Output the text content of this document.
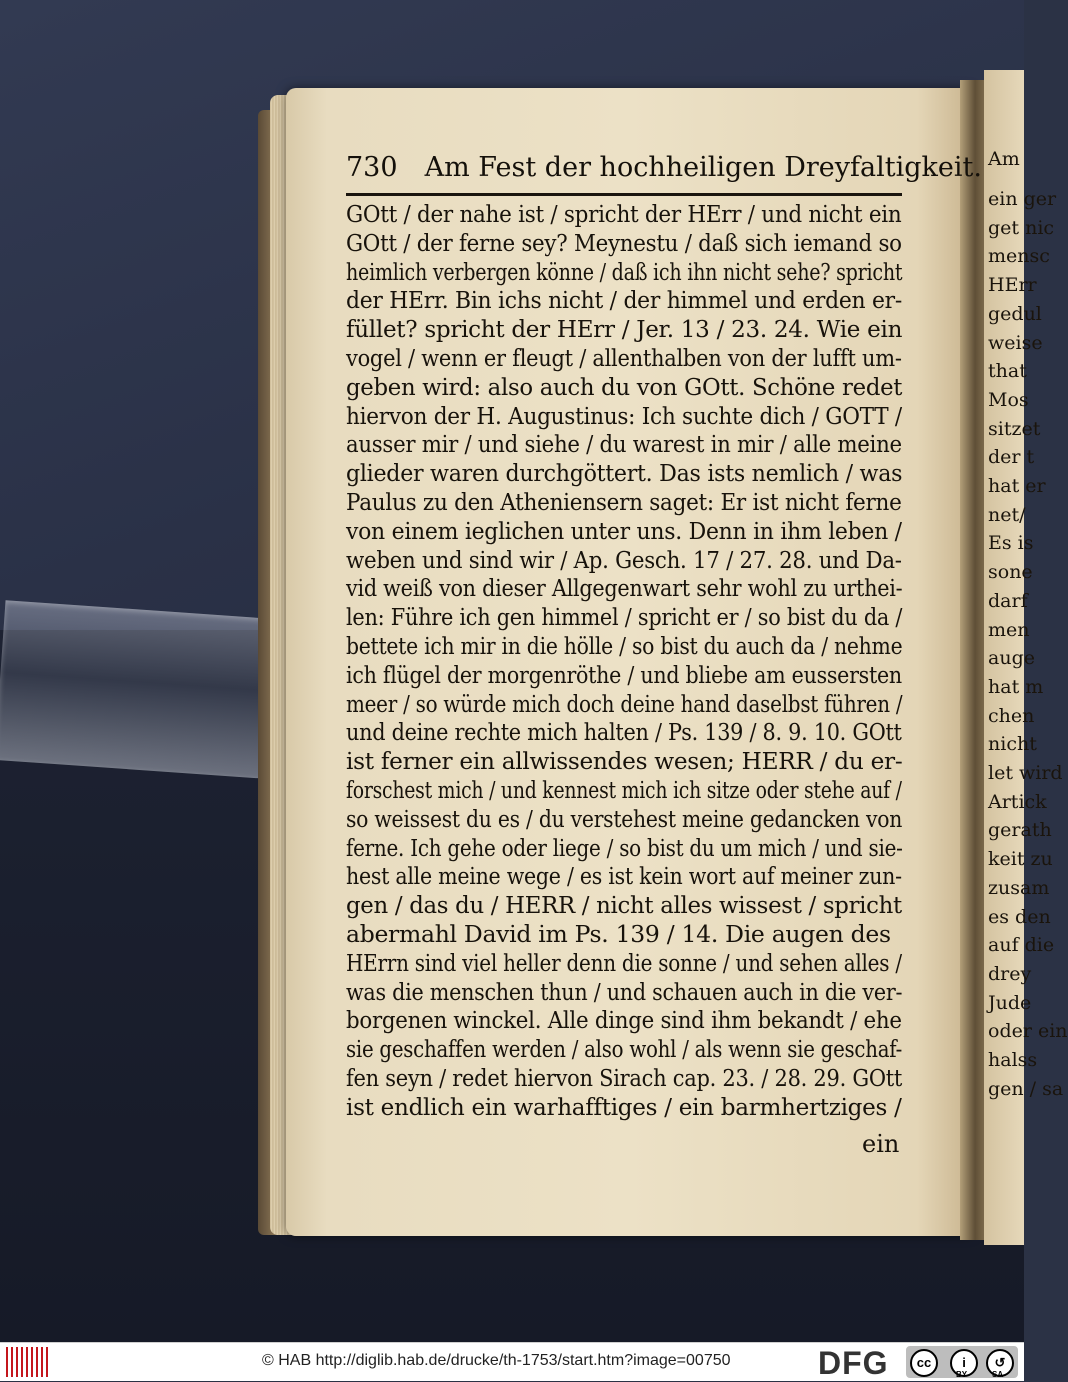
Am
ein ger
get nic
mensc
HErr
gedul
weise
that
Mos
sitzet
der t
hat er
net/
Es is
sone
darf
men
auge
hat m
chen
nicht
let wird
Artick
gerath
keit zu
zusam
es den
auf die
drey
Jude
oder ein
halss
gen / sa
730 Am Fest der hochheiligen Dreyfaltigkeit.
GOtt / der nahe ist / spricht der HErr / und nicht ein
GOtt / der ferne sey? Meynestu / daß sich iemand so
heimlich verbergen könne / daß ich ihn nicht sehe? spricht
der HErr. Bin ichs nicht / der himmel und erden er-
füllet? spricht der HErr / Jer. 13 / 23. 24. Wie ein
vogel / wenn er fleugt / allenthalben von der lufft um-
geben wird: also auch du von GOtt. Schöne redet
hiervon der H. Augustinus: Ich suchte dich / GOTT /
ausser mir / und siehe / du warest in mir / alle meine
glieder waren durchgöttert. Das ists nemlich / was
Paulus zu den Atheniensern saget: Er ist nicht ferne
von einem ieglichen unter uns. Denn in ihm leben /
weben und sind wir / Ap. Gesch. 17 / 27. 28. und Da-
vid weiß von dieser Allgegenwart sehr wohl zu urthei-
len: Führe ich gen himmel / spricht er / so bist du da /
bettete ich mir in die hölle / so bist du auch da / nehme
ich flügel der morgenröthe / und bliebe am eussersten
meer / so würde mich doch deine hand daselbst führen /
und deine rechte mich halten / Ps. 139 / 8. 9. 10. GOtt
ist ferner ein allwissendes wesen; HERR / du er-
forschest mich / und kennest mich ich sitze oder stehe auf /
so weissest du es / du verstehest meine gedancken von
ferne. Ich gehe oder liege / so bist du um mich / und sie-
hest alle meine wege / es ist kein wort auf meiner zun-
gen / das du / HERR / nicht alles wissest / spricht
abermahl David im Ps. 139 / 14. Die augen des
HErrn sind viel heller denn die sonne / und sehen alles /
was die menschen thun / und schauen auch in die ver-
borgenen winckel. Alle dinge sind ihm bekandt / ehe
sie geschaffen werden / also wohl / als wenn sie geschaf-
fen seyn / redet hiervon Sirach cap. 23. / 28. 29. GOtt
ist endlich ein warhafftiges / ein barmhertziges /
ein
© HAB http://diglib.hab.de/drucke/th-1753/start.htm?image=00750	DFG	cc	i	↺
BY	SA
